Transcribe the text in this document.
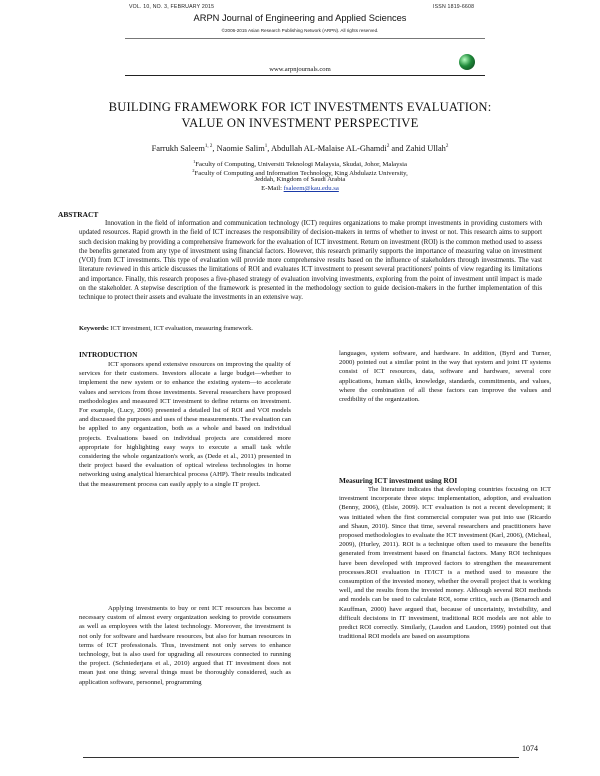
VOL. 10, NO. 3, FEBRUARY 2015	ISSN 1819-6608
ARPN Journal of Engineering and Applied Sciences
©2006-2015 Asian Research Publishing Network (ARPN). All rights reserved.
www.arpnjournals.com
BUILDING FRAMEWORK FOR ICT INVESTMENTS EVALUATION:
VALUE ON INVESTMENT PERSPECTIVE
Farrukh Saleem$^{1, 2}$, Naomie Salim$^1$, Abdullah AL-Malaise AL-Ghamdi$^2$ and Zahid Ullah$^2$
$^1$Faculty of Computing, Universiti Teknologi Malaysia, Skudai, Johor, Malaysia
$^2$Faculty of Computing and Information Technology, King Abdulaziz University,
Jeddah, Kingdom of Saudi Arabia
E-Mail: fsaleem@kau.edu.sa
ABSTRACT
Innovation in the field of information and communication technology (ICT) requires organizations to make prompt investments in providing customers with updated resources. Rapid growth in the field of ICT increases the responsibility of decision-makers in terms of whether to invest or not. This research aims to support such decision making by providing a comprehensive framework for the evaluation of ICT investment. Return on investment (ROI) is the common method used to assess the benefits generated from any type of investment using financial factors. However, this research primarily supports the importance of measuring value on investment (VOI) from ICT investments. This type of evaluation will provide more comprehensive results based on the influence of stakeholders through investments. The vast literature reviewed in this article discusses the limitations of ROI and evaluates ICT investment to present several practitioners' points of view regarding its limitations and importance. Finally, this research proposes a five-phased strategy of evaluation involving investments, exploring from the point of investment until impact is made on the stakeholder. A stepwise description of the framework is presented in the methodology section to guide decision-makers in the further implementation of this technique to protect their assets and evaluate the investments in an extensive way.
Keywords: ICT investment, ICT evaluation, measuring framework.
INTRODUCTION

ICT sponsors spend extensive resources on improving the quality of services for their customers. Investors allocate a large budget—whether to implement the new system or to enhance the existing system—to accelerate values and services from those investments. Several researchers have proposed methodologies and measured ICT investment to define returns on investment. For example, (Lucy, 2006) presented a detailed list of ROI and VOI models and discussed the purposes and uses of these measurements. The evaluation can be applied to any organization, both as a whole and based on individual projects. Evaluations based on individual projects are considered more appropriate for highlighting easy ways to execute a small task while considering the whole organization's work, as (Dede et al., 2011) presented in their project based the evaluation of optical wireless technologies in home networking using analytical hierarchical process (AHP). Their results indicated that the measurement process can easily apply to a single IT project.

Applying investments to buy or rent ICT resources has become a necessary custom of almost every organization seeking to provide consumers as well as employees with the latest technology. Moreover, the investment is not only for software and hardware resources, but also for human resources in terms of ICT professionals. Thus, investment not only serves to enhance technology, but is also used for upgrading all resources connected to running the project. (Schniederjans et al., 2010) argued that IT investment does not mean just one thing; several things must be thoroughly considered, such as application software, personnel, programming

languages, system software, and hardware. In addition, (Byrd and Turner, 2000) pointed out a similar point in the way that system and joint IT systems consist of ICT resources, data, software and hardware, several core applications, human skills, knowledge, standards, commitments, and values, where the combination of all these factors can improve the values and credibility of the organization.

Measuring ICT investment using ROI

The literature indicates that developing countries focusing on ICT investment incorporate three steps: implementation, adoption, and evaluation (Benny, 2006), (Elsie, 2009). ICT evaluation is not a recent development; it was initiated when the first commercial computer was put into use (Ricardo and Shaun, 2010). Since that time, several researchers and practitioners have proposed methodologies to evaluate the ICT investment (Karl, 2006), (Micheal, 2009), (Hurley, 2011). ROI is a technique often used to measure the benefits generated from investment based on financial factors. Many ROI techniques have been developed with improved factors to strengthen the measurement processes.ROI evaluation in IT/ICT is a method used to measure the consumption of the invested money, whether the overall project that is working well, and the results from the invested money. Although several ROI methods and models can be used to calculate ROI, some critics, such as (Benaroch and Kauffman, 2000) have argued that, because of uncertainty, invisibility, and difficult decisions in IT investment, traditional ROI models are not able to predict ROI correctly. Similarly, (Laudon and Laudon, 1999) pointed out that traditional ROI models are based on assumptions

1074
